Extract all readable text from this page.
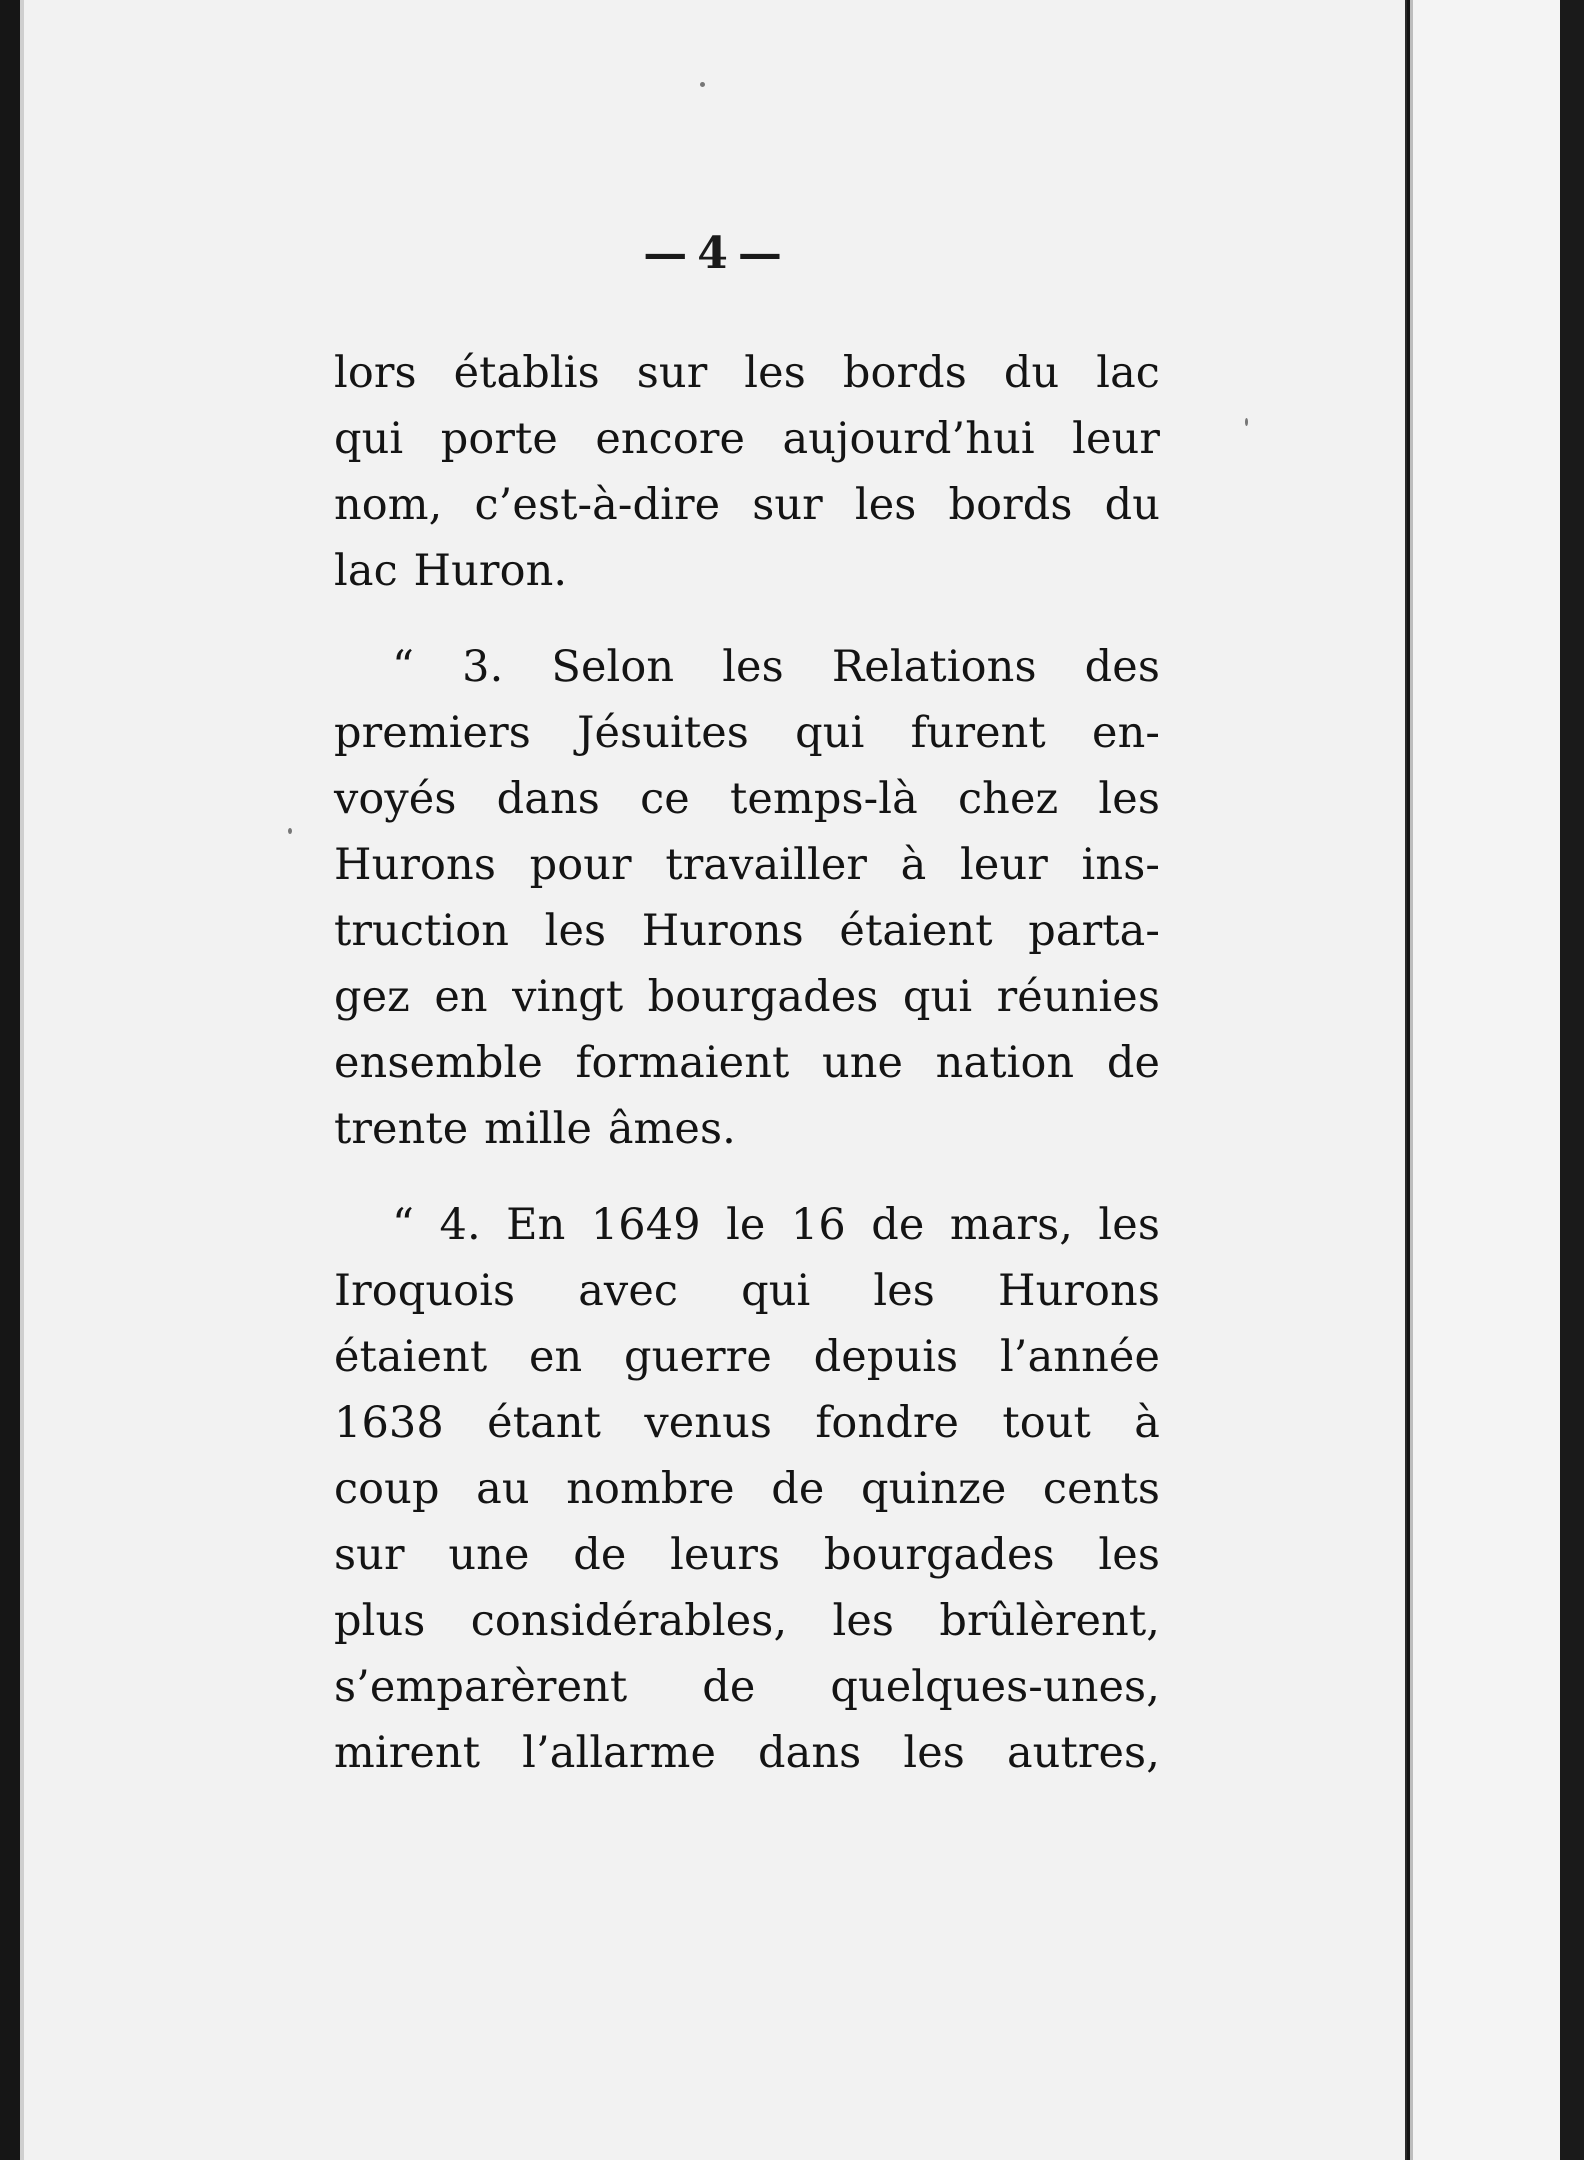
— 4 —
lors établis sur les bords du lac
qui porte encore aujourd’hui leur
nom, c’est-à-dire sur les bords du
lac Huron.
“ 3. Selon les Relations des
premiers Jésuites qui furent en-
voyés dans ce temps-là chez les
Hurons pour travailler à leur ins-
truction les Hurons étaient parta-
gez en vingt bourgades qui réunies
ensemble formaient une nation de
trente mille âmes.
“ 4. En 1649 le 16 de mars, les
Iroquois avec qui les Hurons
étaient en guerre depuis l’année
1638 étant venus fondre tout à
coup au nombre de quinze cents
sur une de leurs bourgades les
plus considérables, les brûlèrent,
s’emparèrent de quelques-unes,
mirent l’allarme dans les autres,
